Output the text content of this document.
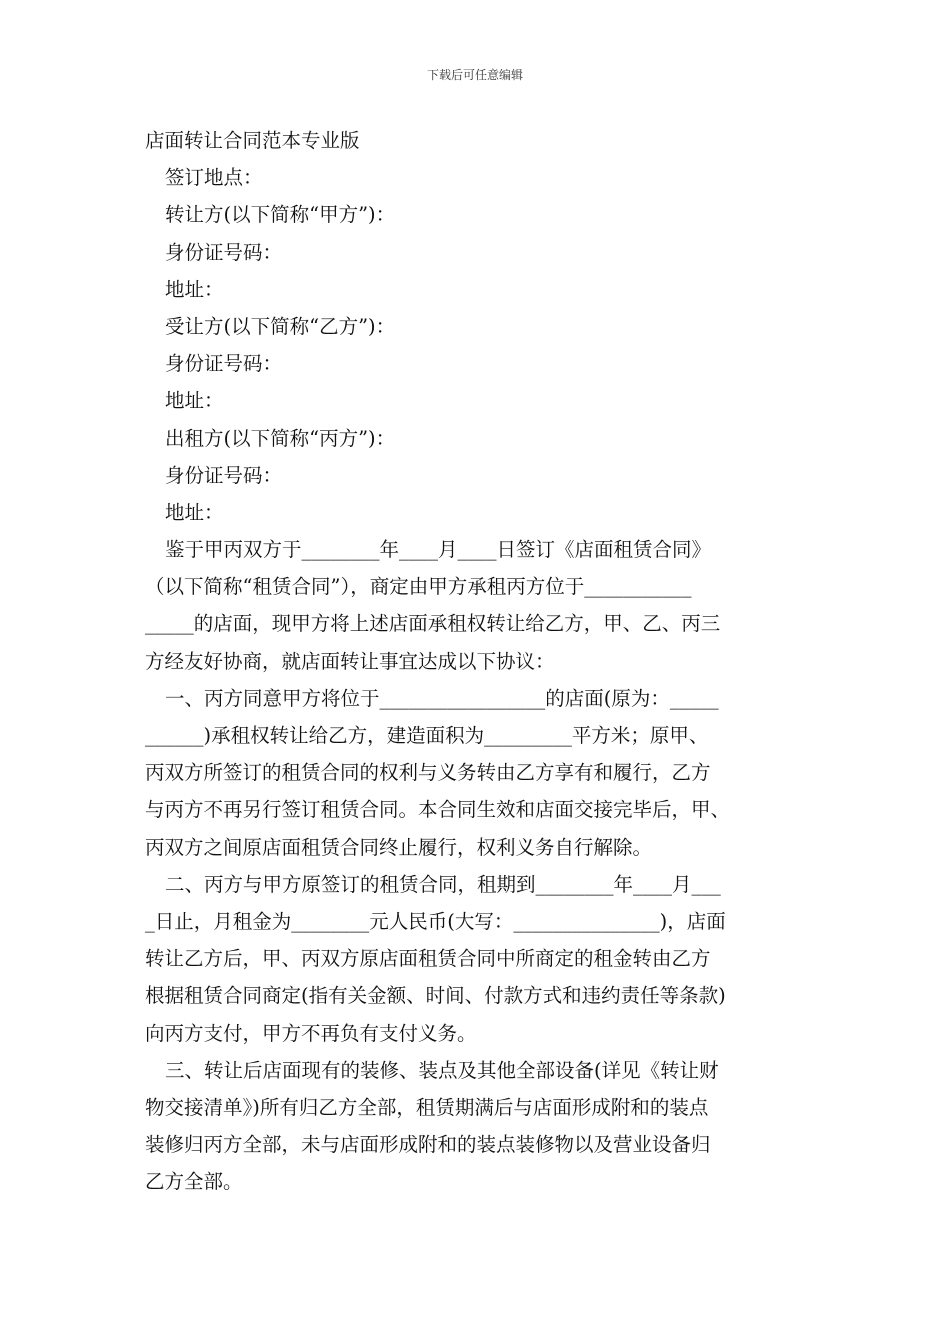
下载后可任意编辑
店面转让合同范本专业版
签订地点：
转让方(以下简称“甲方”)：
身份证号码：
地址：
受让方(以下简称“乙方”)：
身份证号码：
地址：
出租方(以下简称“丙方”)：
身份证号码：
地址：
鉴于甲丙双方于________年____月____日签订《店面租赁合同》
（以下简称“租赁合同”），商定由甲方承租丙方位于___________
_____的店面，现甲方将上述店面承租权转让给乙方，甲、乙、丙三
方经友好协商，就店面转让事宜达成以下协议：
一、丙方同意甲方将位于_________________的店面(原为：_____
______)承租权转让给乙方，建造面积为_________平方米；原甲、
丙双方所签订的租赁合同的权利与义务转由乙方享有和履行，乙方
与丙方不再另行签订租赁合同。本合同生效和店面交接完毕后，甲、
丙双方之间原店面租赁合同终止履行，权利义务自行解除。
二、丙方与甲方原签订的租赁合同，租期到________年____月___
_日止，月租金为________元人民币(大写：_______________)，店面
转让乙方后，甲、丙双方原店面租赁合同中所商定的租金转由乙方
根据租赁合同商定(指有关金额、时间、付款方式和违约责任等条款)
向丙方支付，甲方不再负有支付义务。
三、转让后店面现有的装修、装点及其他全部设备(详见《转让财
物交接清单》)所有归乙方全部，租赁期满后与店面形成附和的装点
装修归丙方全部，未与店面形成附和的装点装修物以及营业设备归
乙方全部。
